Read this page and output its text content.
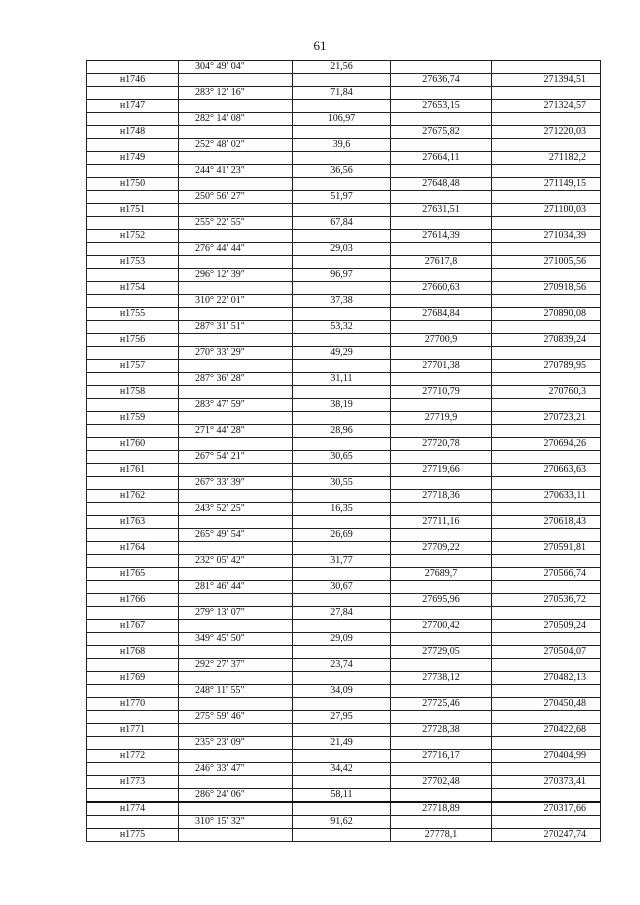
61
	304° 49' 04"	21,56		
н1746			27636,74	271394,51
	283° 12' 16"	71,84		
н1747			27653,15	271324,57
	282° 14' 08"	106,97		
н1748			27675,82	271220,03
	252° 48' 02"	39,6		
н1749			27664,11	271182,2
	244° 41' 23"	36,56		
н1750			27648,48	271149,15
	250° 56' 27"	51,97		
н1751			27631,51	271100,03
	255° 22' 55"	67,84		
н1752			27614,39	271034,39
	276° 44' 44"	29,03		
н1753			27617,8	271005,56
	296° 12' 39"	96,97		
н1754			27660,63	270918,56
	310° 22' 01"	37,38		
н1755			27684,84	270890,08
	287° 31' 51"	53,32		
н1756			27700,9	270839,24
	270° 33' 29"	49,29		
н1757			27701,38	270789,95
	287° 36' 28"	31,11		
н1758			27710,79	270760,3
	283° 47' 59"	38,19		
н1759			27719,9	270723,21
	271° 44' 28"	28,96		
н1760			27720,78	270694,26
	267° 54' 21"	30,65		
н1761			27719,66	270663,63
	267° 33' 39"	30,55		
н1762			27718,36	270633,11
	243° 52' 25"	16,35		
н1763			27711,16	270618,43
	265° 49' 54"	26,69		
н1764			27709,22	270591,81
	232° 05' 42"	31,77		
н1765			27689,7	270566,74
	281° 46' 44"	30,67		
н1766			27695,96	270536,72
	279° 13' 07"	27,84		
н1767			27700,42	270509,24
	349° 45' 50"	29,09		
н1768			27729,05	270504,07
	292° 27' 37"	23,74		
н1769			27738,12	270482,13
	248° 11' 55"	34,09		
н1770			27725,46	270450,48
	275° 59' 46"	27,95		
н1771			27728,38	270422,68
	235° 23' 09"	21,49		
н1772			27716,17	270404,99
	246° 33' 47"	34,42		
н1773			27702,48	270373,41
	286° 24' 06"	58,11		
н1774			27718,89	270317,66
	310° 15' 32"	91,62		
н1775			27778,1	270247,74
